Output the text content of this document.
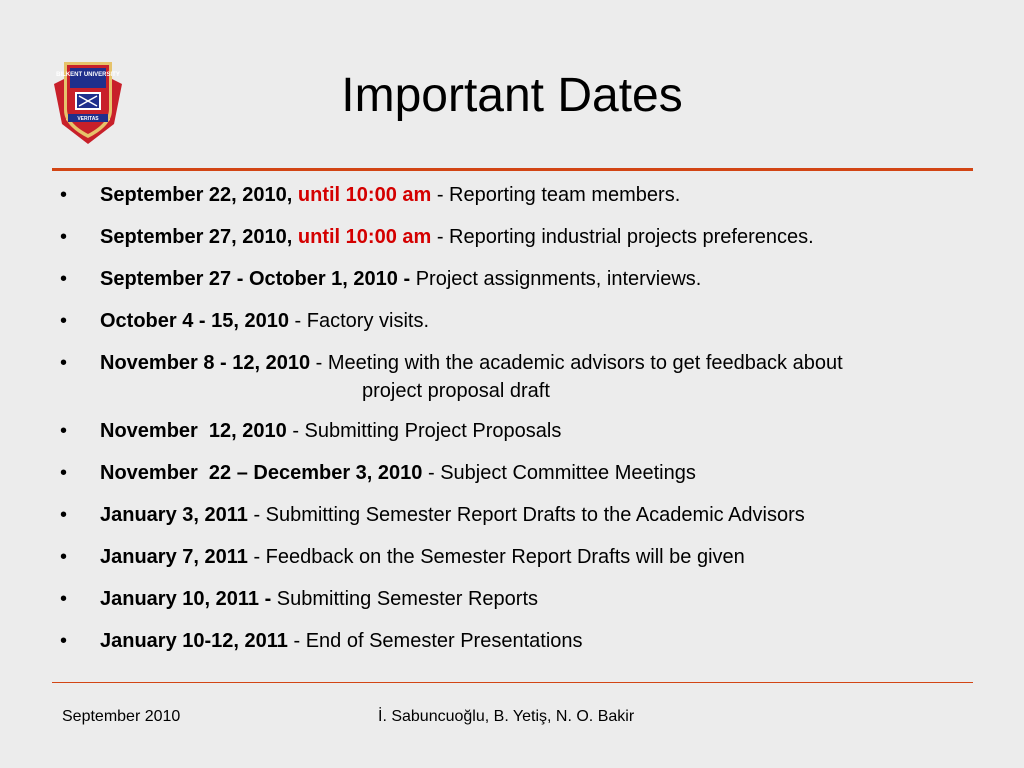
BILKENT UNIVERSITY
VERITAS	Important Dates
•	September 22, 2010, until 10:00 am - Reporting team members.
•	September 27, 2010, until 10:00 am - Reporting industrial projects preferences.
•	September 27 - October 1, 2010 - Project assignments, interviews.
•	October 4 - 15, 2010 - Factory visits.
•	November 8 - 12, 2010 - Meeting with the academic advisors to get feedback about
project proposal draft
•	November  12, 2010 - Submitting Project Proposals
•	November  22 – December 3, 2010 - Subject Committee Meetings
•	January 3, 2011 - Submitting Semester Report Drafts to the Academic Advisors
•	January 7, 2011 - Feedback on the Semester Report Drafts will be given
•	January 10, 2011 - Submitting Semester Reports
•	January 10-12, 2011 - End of Semester Presentations
September 2010	İ. Sabuncuoğlu, B. Yetiş, N. O. Bakir
